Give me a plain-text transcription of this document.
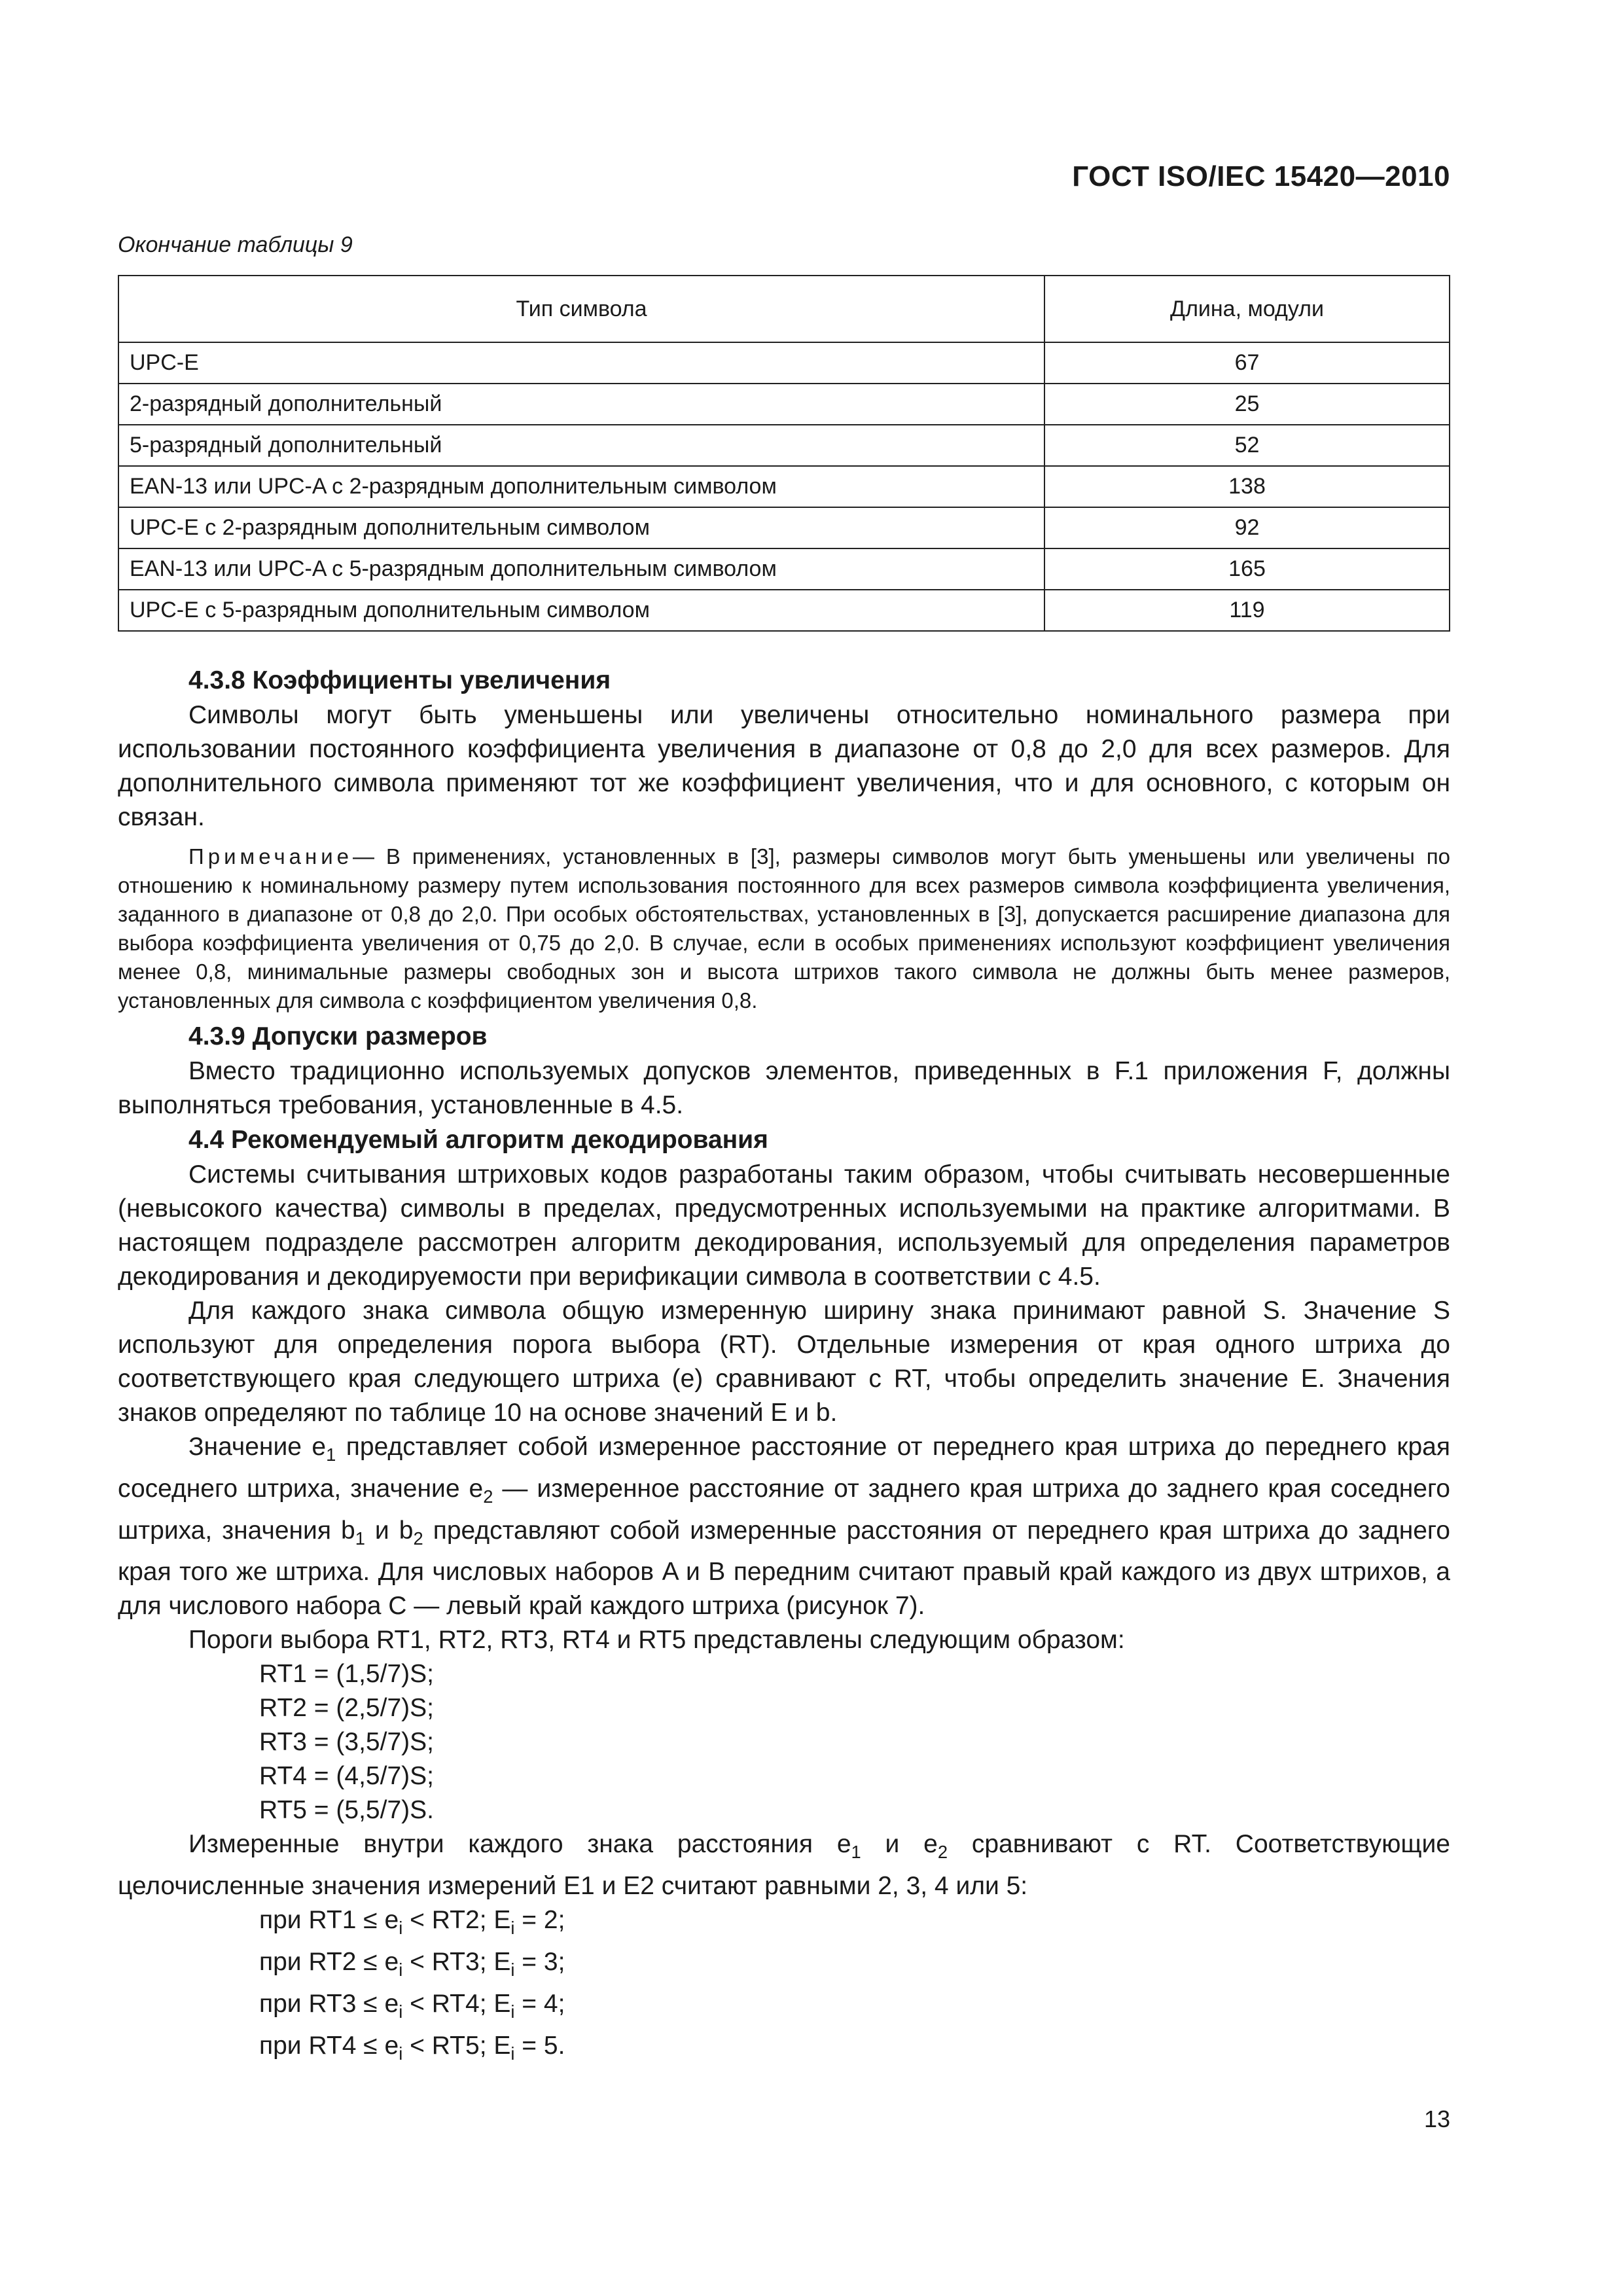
ГОСТ ISO/IEC 15420—2010
Окончание таблицы 9
Тип символа	Длина, модули
UPC-E	67
2-разрядный дополнительный	25
5-разрядный дополнительный	52
EAN-13 или UPC-A с 2-разрядным дополнительным символом	138
UPC-E с 2-разрядным дополнительным символом	92
EAN-13 или UPC-A с 5-разрядным дополнительным символом	165
UPC-E с 5-разрядным дополнительным символом	119
4.3.8 Коэффициенты увеличения

Символы могут быть уменьшены или увеличены относительно номинального размера при использовании постоянного коэффициента увеличения в диапазоне от 0,8 до 2,0 для всех размеров. Для дополнительного символа применяют тот же коэффициент увеличения, что и для основного, с которым он связан.

Примечание— В применениях, установленных в [3], размеры символов могут быть уменьшены или увеличены по отношению к номинальному размеру путем использования постоянного для всех размеров символа коэффициента увеличения, заданного в диапазоне от 0,8 до 2,0. При особых обстоятельствах, установленных в [3], допускается расширение диапазона для выбора коэффициента увеличения от 0,75 до 2,0. В случае, если в особых применениях используют коэффициент увеличения менее 0,8, минимальные размеры свободных зон и высота штрихов такого символа не должны быть менее размеров, установленных для символа с коэффициентом увеличения 0,8.

4.3.9 Допуски размеров

Вместо традиционно используемых допусков элементов, приведенных в F.1 приложения F, должны выполняться требования, установленные в 4.5.

4.4 Рекомендуемый алгоритм декодирования

Системы считывания штриховых кодов разработаны таким образом, чтобы считывать несовершенные (невысокого качества) символы в пределах, предусмотренных используемыми на практике алгоритмами. В настоящем подразделе рассмотрен алгоритм декодирования, используемый для определения параметров декодирования и декодируемости при верификации символа в соответствии с 4.5.

Для каждого знака символа общую измеренную ширину знака принимают равной S. Значение S используют для определения порога выбора (RT). Отдельные измерения от края одного штриха до соответствующего края следующего штриха (е) сравнивают с RT, чтобы определить значение E. Значения знаков определяют по таблице 10 на основе значений E и b.

Значение $e_1$ представляет собой измеренное расстояние от переднего края штриха до переднего края соседнего штриха, значение $e_2$ — измеренное расстояние от заднего края штриха до заднего края соседнего штриха, значения $b_1$ и $b_2$ представляют собой измеренные расстояния от переднего края штриха до заднего края того же штриха. Для числовых наборов A и B передним считают правый край каждого из двух штрихов, а для числового набора C — левый край каждого штриха (рисунок 7).

Пороги выбора RT1, RT2, RT3, RT4 и RT5 представлены следующим образом:

RT1 = (1,5/7)S;

RT2 = (2,5/7)S;

RT3 = (3,5/7)S;

RT4 = (4,5/7)S;

RT5 = (5,5/7)S.

Измеренные внутри каждого знака расстояния $e_1$ и $e_2$ сравнивают с RT. Соответствующие целочисленные значения измерений E1 и E2 считают равными 2, 3, 4 или 5:

при $RT1 \le e_i < RT2$; $E_i = 2$;

при $RT2 \le e_i < RT3$; $E_i = 3$;

при $RT3 \le e_i < RT4$; $E_i = 4$;

при $RT4 \le e_i < RT5$; $E_i = 5$.

13
